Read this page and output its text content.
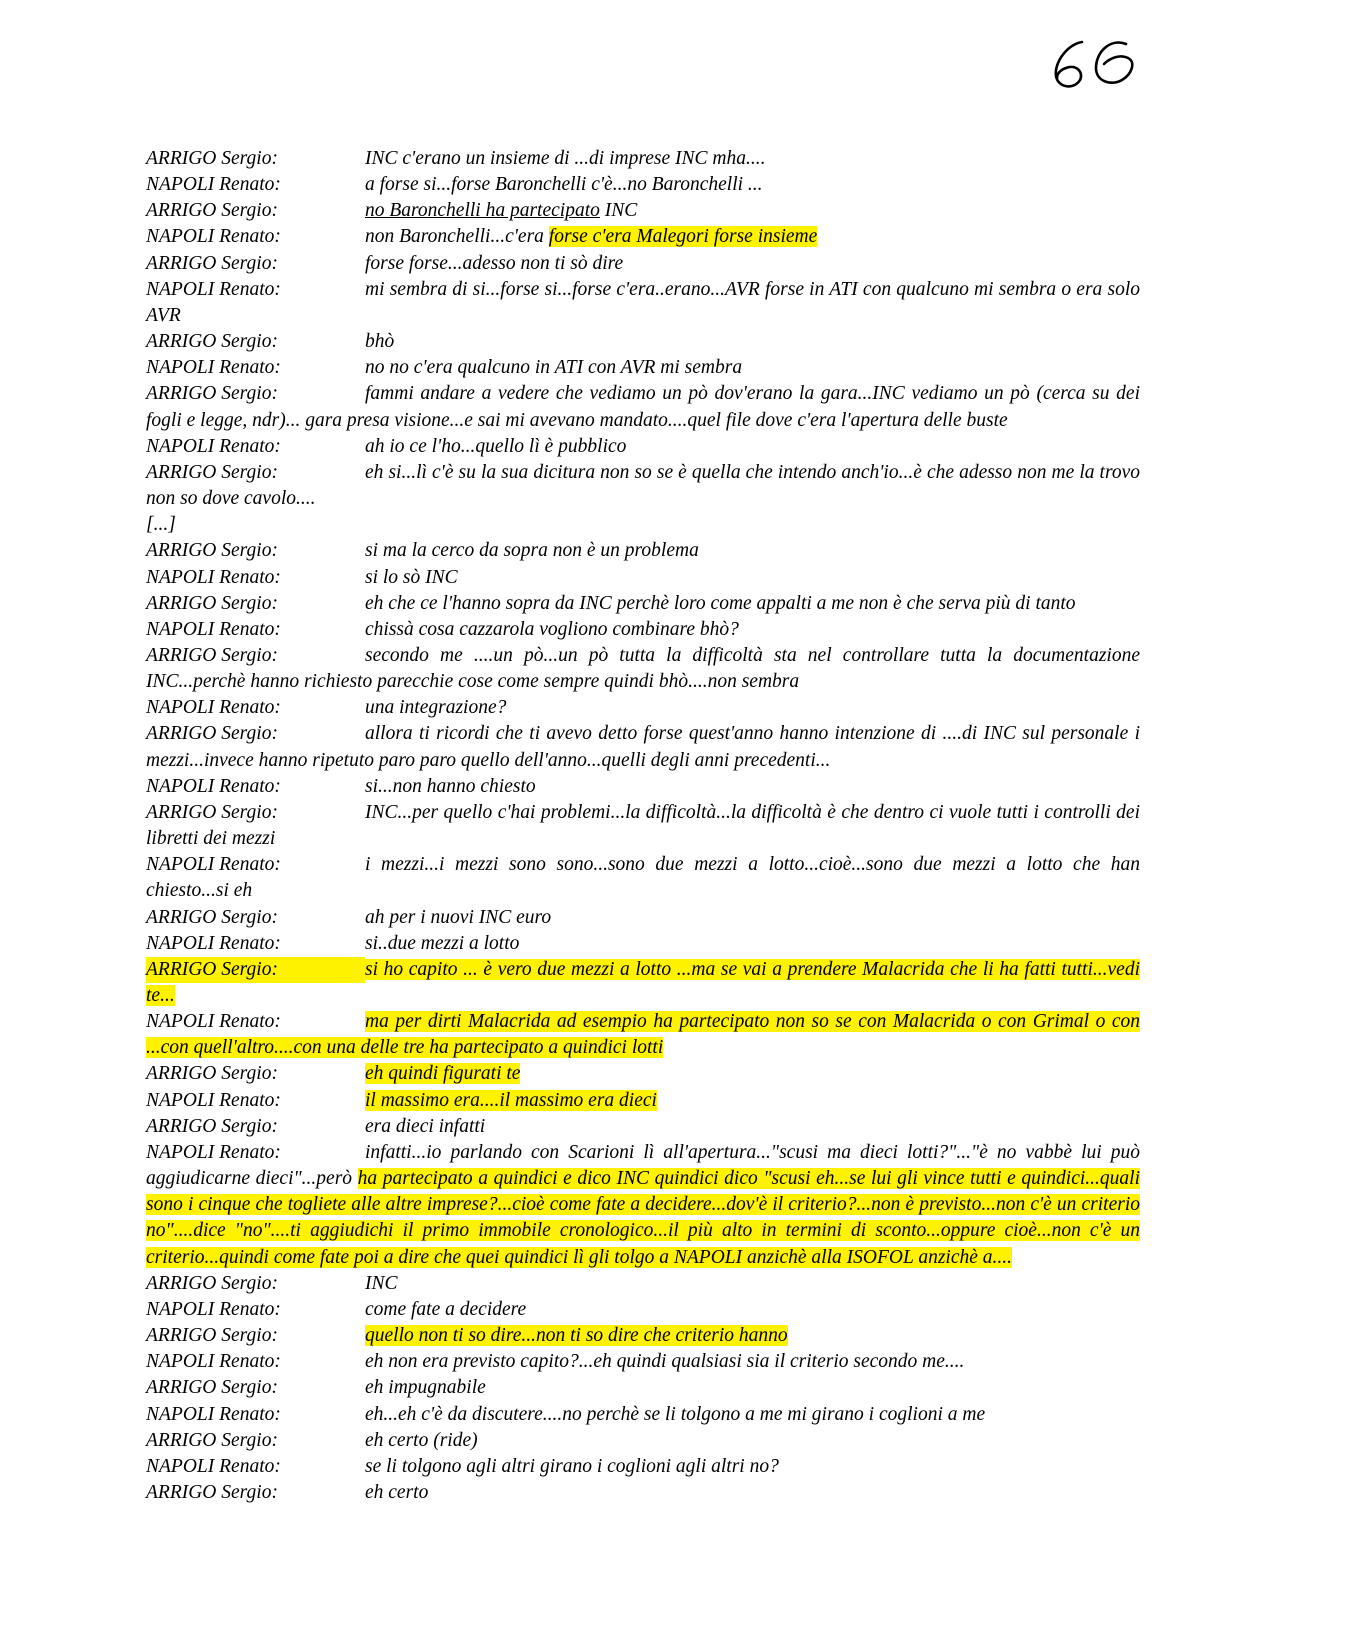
ARRIGO Sergio:	INC c'erano un insieme di ...di imprese INC mha....
NAPOLI Renato:	a forse si...forse Baronchelli c'è...no Baronchelli ...
ARRIGO Sergio:	no Baronchelli ha partecipato INC
NAPOLI Renato:	non Baronchelli...c'era forse c'era Malegori forse insieme
ARRIGO Sergio:	forse forse...adesso non ti sò dire
NAPOLI Renato:	mi sembra di si...forse si...forse c'era..erano...AVR forse in ATI con qualcuno mi sembra o era solo AVR
ARRIGO Sergio:	bhò
NAPOLI Renato:	no no c'era qualcuno in ATI con AVR mi sembra
ARRIGO Sergio:	fammi andare a vedere che vediamo un pò dov'erano la gara...INC vediamo un pò (cerca su dei fogli e legge, ndr)... gara presa visione...e sai mi avevano mandato....quel file dove c'era l'apertura delle buste
NAPOLI Renato:	ah io ce l'ho...quello lì è pubblico
ARRIGO Sergio:	eh si...lì c'è su la sua dicitura non so se è quella che intendo anch'io...è che adesso non me la trovo non so dove cavolo....
[...]
ARRIGO Sergio:	si ma la cerco da sopra non è un problema
NAPOLI Renato:	si lo sò INC
ARRIGO Sergio:	eh che ce l'hanno sopra da INC perchè loro come appalti a me non è che serva più di tanto
NAPOLI Renato:	chissà cosa cazzarola vogliono combinare bhò?
ARRIGO Sergio:	secondo me ....un pò...un pò tutta la difficoltà sta nel controllare tutta la documentazione INC...perchè hanno richiesto parecchie cose come sempre quindi bhò....non sembra
NAPOLI Renato:	una integrazione?
ARRIGO Sergio:	allora ti ricordi che ti avevo detto forse quest'anno hanno intenzione di ....di INC sul personale i mezzi...invece hanno ripetuto paro paro quello dell'anno...quelli degli anni precedenti...
NAPOLI Renato:	si...non hanno chiesto
ARRIGO Sergio:	INC...per quello c'hai problemi...la difficoltà...la difficoltà è che dentro ci vuole tutti i controlli dei libretti dei mezzi
NAPOLI Renato:	i mezzi...i mezzi sono sono...sono due mezzi a lotto...cioè...sono due mezzi a lotto che han chiesto...si eh
ARRIGO Sergio:	ah per i nuovi INC euro
NAPOLI Renato:	si..due mezzi a lotto
ARRIGO Sergio:	si ho capito ... è vero due mezzi a lotto ...ma se vai a prendere Malacrida che li ha fatti tutti...vedi te...
NAPOLI Renato:	ma per dirti Malacrida ad esempio ha partecipato non so se con Malacrida o con Grimal o con ...con quell'altro....con una delle tre ha partecipato a quindici lotti
ARRIGO Sergio:	eh quindi figurati te
NAPOLI Renato:	il massimo era....il massimo era dieci
ARRIGO Sergio:	era dieci infatti
NAPOLI Renato:	infatti...io parlando con Scarioni lì all'apertura..."scusi ma dieci lotti?"..."è no vabbè lui può aggiudicarne dieci"...però ha partecipato a quindici e dico INC quindici dico "scusi eh...se lui gli vince tutti e quindici...quali sono i cinque che togliete alle altre imprese?...cioè come fate a decidere...dov'è il criterio?...non è previsto...non c'è un criterio no"....dice "no"....ti aggiudichi il primo immobile cronologico...il più alto in termini di sconto...oppure cioè...non c'è un criterio...quindi come fate poi a dire che quei quindici lì gli tolgo a NAPOLI anzichè alla ISOFOL anzichè a....
ARRIGO Sergio:	INC
NAPOLI Renato:	come fate a decidere
ARRIGO Sergio:	quello non ti so dire...non ti so dire che criterio hanno
NAPOLI Renato:	eh non era previsto capito?...eh quindi qualsiasi sia il criterio secondo me....
ARRIGO Sergio:	eh impugnabile
NAPOLI Renato:	eh...eh c'è da discutere....no perchè se li tolgono a me mi girano i coglioni a me
ARRIGO Sergio:	eh certo (ride)
NAPOLI Renato:	se li tolgono agli altri girano i coglioni agli altri no?
ARRIGO Sergio:	eh certo
